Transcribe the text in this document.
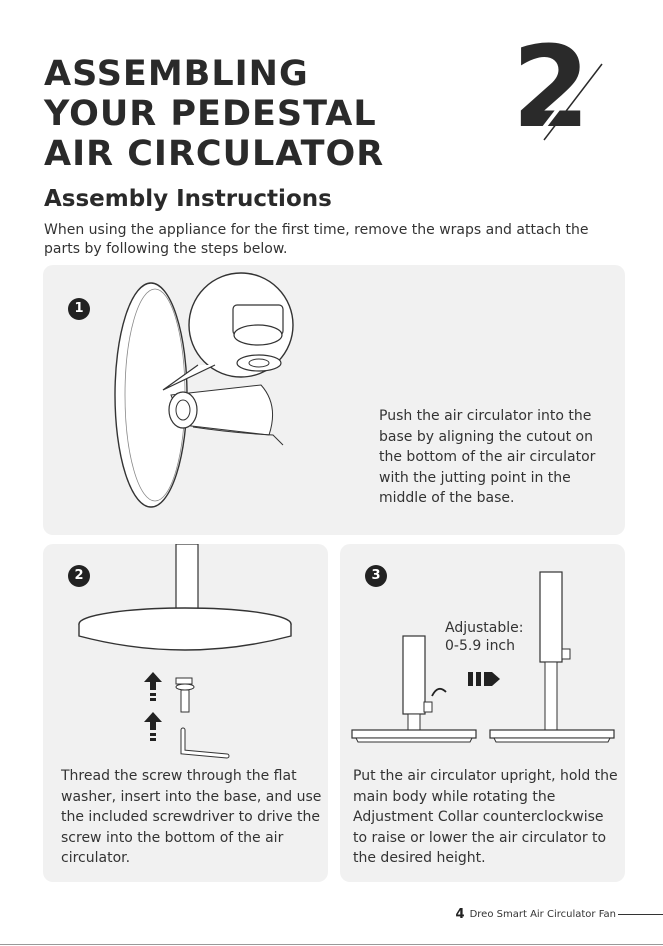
ASSEMBLING
YOUR PEDESTAL
AIR CIRCULATOR
2
Assembly Instructions

When using the appliance for the first time, remove the wraps and attach the parts by following the steps below.

1

Push the air circulator into the base by aligning the cutout on the bottom of the air circulator with the jutting point in the middle of the base.

2

Thread the screw through the flat washer, insert into the base, and use the included screwdriver to drive the screw into the bottom of the air circulator.

3

Adjustable:
0-5.9 inch

Put the air circulator upright, hold the main body while rotating the Adjustment Collar counterclockwise to raise or lower the air circulator to the desired height.

4 Dreo Smart Air Circulator Fan
